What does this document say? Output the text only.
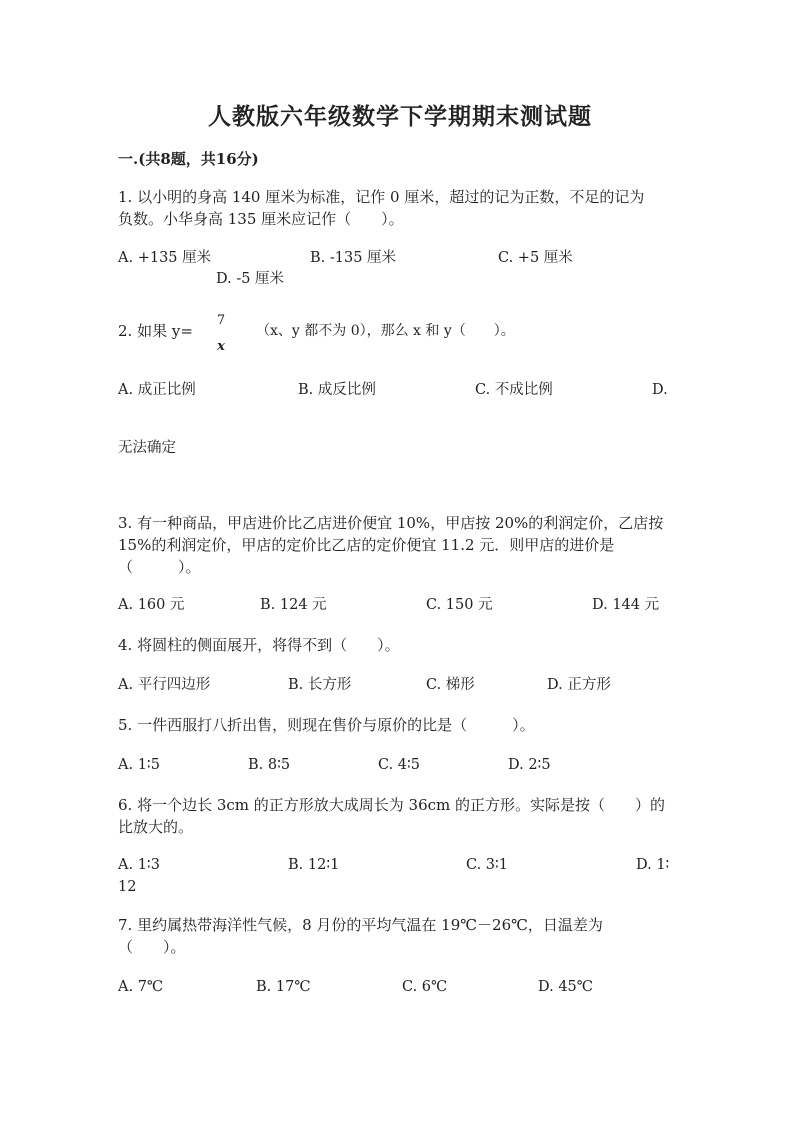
人教版六年级数学下学期期末测试题
一.(共8题，共16分)
1. 以小明的身高 140 厘米为标准，记作 0 厘米，超过的记为正数，不足的记为
负数。小华身高 135 厘米应记作（　　）。
A. +135 厘米	B. -135 厘米	C. +5 厘米
D. -5 厘米
2. 如果 y=
7
x
（x、y 都不为 0），那么 x 和 y（　　）。
A. 成正比例	B. 成反比例	C. 不成比例	D.
无法确定
3. 有一种商品，甲店进价比乙店进价便宜 10%，甲店按 20%的利润定价，乙店按
15%的利润定价，甲店的定价比乙店的定价便宜 11.2 元．则甲店的进价是
（　　　）。
A. 160 元	B. 124 元	C. 150 元	D. 144 元
4. 将圆柱的侧面展开，将得不到（　　）。
A. 平行四边形	B. 长方形	C. 梯形	D. 正方形
5. 一件西服打八折出售，则现在售价与原价的比是（　　　）。
A. 1∶5	B. 8∶5	C. 4∶5	D. 2∶5
6. 将一个边长 3cm 的正方形放大成周长为 36cm 的正方形。实际是按（　　）的
比放大的。
A. 1∶3	B. 12∶1	C. 3∶1	D. 1∶
12
7. 里约属热带海洋性气候，8 月份的平均气温在 19℃－26℃，日温差为
（　　）。
A. 7℃	B. 17℃	C. 6℃	D. 45℃
